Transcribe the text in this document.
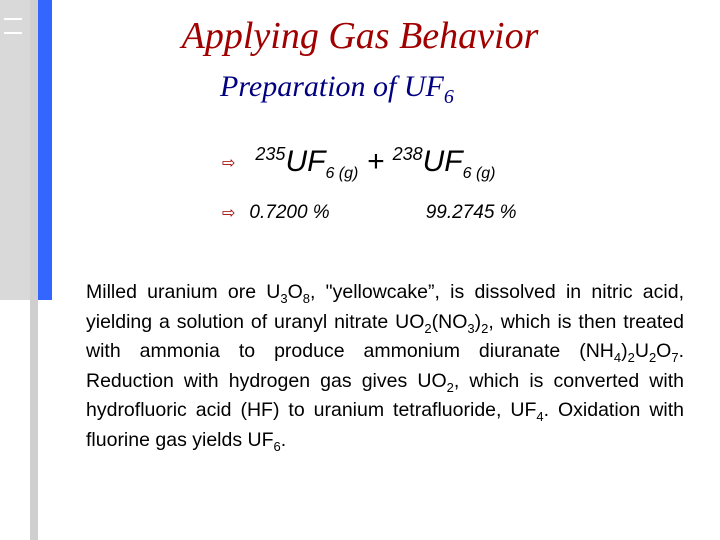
Applying Gas Behavior
Preparation of $UF_6$
⇨ $^{235}UF_{6 (g)} + ^{238}UF_{6 (g)}$
⇨ 0.7200 %	99.2745 %

Milled uranium ore $U_3O_8$, "yellowcake”, is dissolved in nitric acid, yielding a solution of uranyl nitrate $UO_2(NO_3)_2$, which is then treated with ammonia to produce ammonium diuranate $(NH_4)_2U_2O_7$. Reduction with hydrogen gas gives $UO_2$, which is converted with hydrofluoric acid (HF) to uranium tetrafluoride, $UF_4$. Oxidation with fluorine gas yields $UF_6$.
